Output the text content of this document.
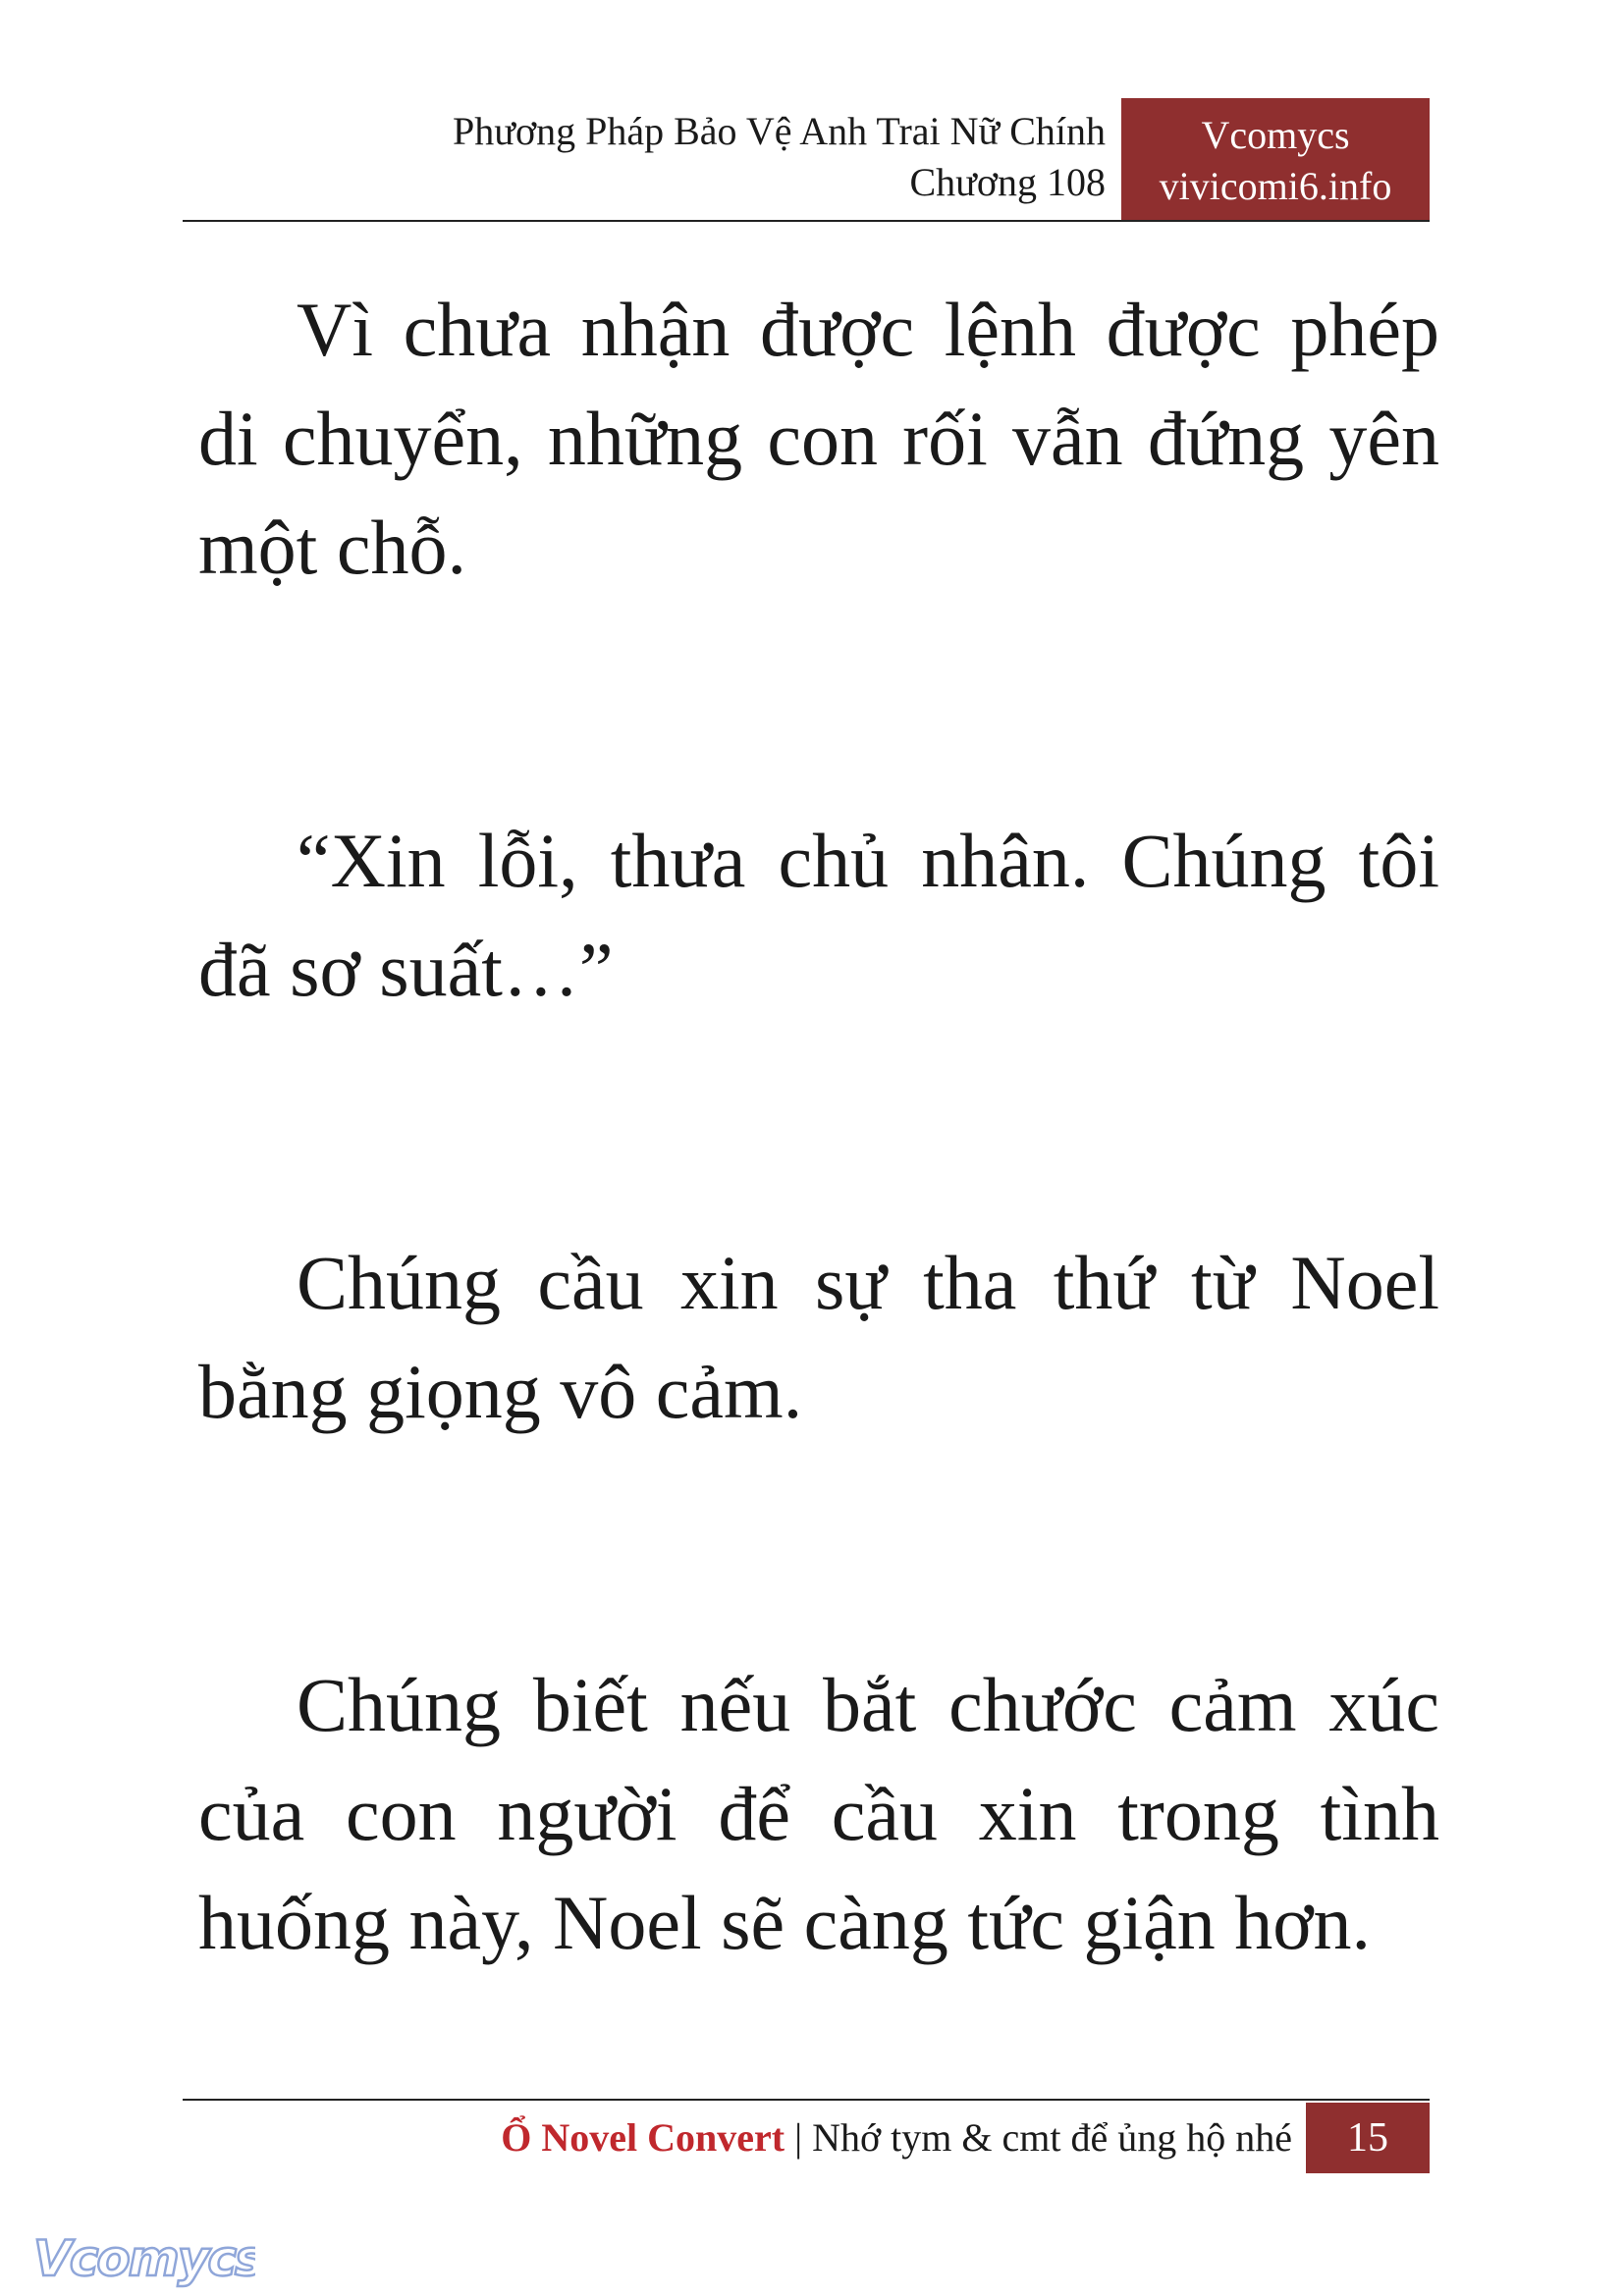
Phương Pháp Bảo Vệ Anh Trai Nữ Chính
Chương 108
Vcomycs
vivicomi6.info

Vì chưa nhận được lệnh được phép di chuyển, những con rối vẫn đứng yên một chỗ.

“Xin lỗi, thưa chủ nhân. Chúng tôi đã sơ suất…”

Chúng cầu xin sự tha thứ từ Noel bằng giọng vô cảm.

Chúng biết nếu bắt chước cảm xúc của con người để cầu xin trong tình huống này, Noel sẽ càng tức giận hơn.

Ổ Novel Convert | Nhớ tym & cmt để ủng hộ nhé	15
Vcomycs
